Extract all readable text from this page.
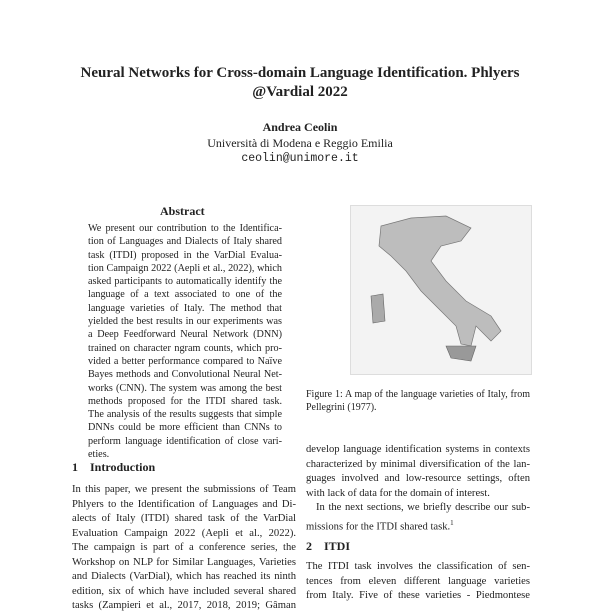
Neural Networks for Cross-domain Language Identification. Phlyers
@Vardial 2022
Andrea Ceolin
Università di Modena e Reggio Emilia
ceolin@unimore.it
Abstract
We present our contribution to the Identifica-
tion of Languages and Dialects of Italy shared
task (ITDI) proposed in the VarDial Evalua-
tion Campaign 2022 (Aepli et al., 2022), which
asked participants to automatically identify the
language of a text associated to one of the
language varieties of Italy. The method that
yielded the best results in our experiments was
a Deep Feedforward Neural Network (DNN)
trained on character ngram counts, which pro-
vided a better performance compared to Naïve
Bayes methods and Convolutional Neural Net-
works (CNN). The system was among the best
methods proposed for the ITDI shared task.
The analysis of the results suggests that simple
DNNs could be more efficient than CNNs to
perform language identification of close vari-
eties.
1 Introduction
In this paper, we present the submissions of Team
Phlyers to the Identification of Languages and Di-
alects of Italy (ITDI) shared task of the VarDial
Evaluation Campaign 2022 (Aepli et al., 2022).
The campaign is part of a conference series, the
Workshop on NLP for Similar Languages, Varieties
and Dialects (VarDial), which has reached its ninth
edition, six of which have included several shared
tasks (Zampieri et al., 2017, 2018, 2019; Gâman
Figure 1: A map of the language varieties of Italy, from
Pellegrini (1977).
develop language identification systems in contexts
characterized by minimal diversification of the lan-
guages involved and low-resource settings, often
with lack of data for the domain of interest.
In the next sections, we briefly describe our sub-
missions for the ITDI shared task.$^1$
2 ITDI
The ITDI task involves the classification of sen-
tences from eleven different language varieties
from Italy. Five of these varieties - Piedmontese
